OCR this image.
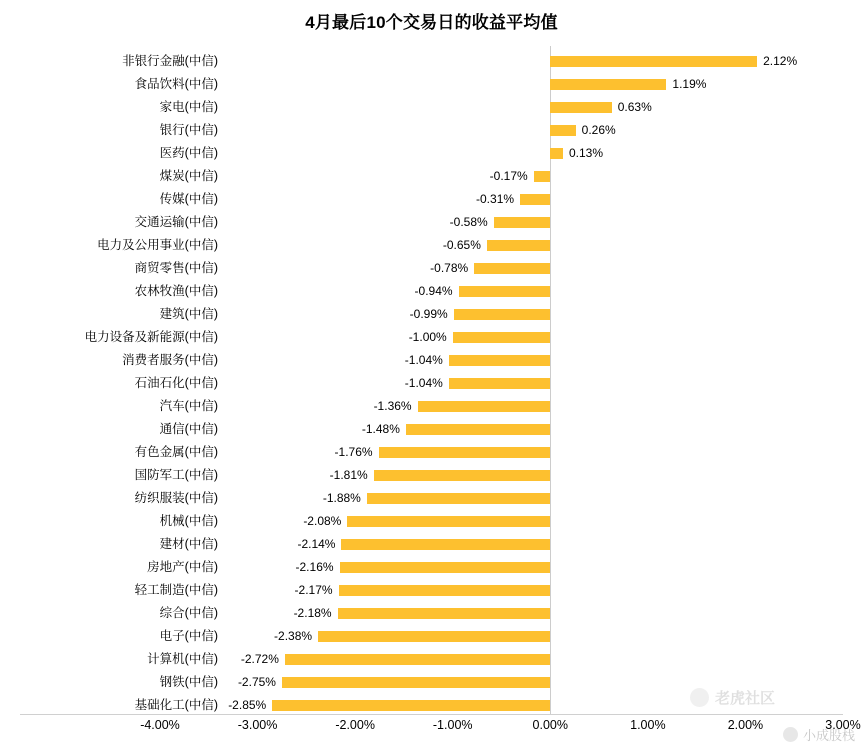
4月最后10个交易日的收益平均值
非银行金融(中信)	2.12%
食品饮料(中信)	1.19%
家电(中信)	0.63%
银行(中信)	0.26%
医药(中信)	0.13%
煤炭(中信)	-0.17%
传媒(中信)	-0.31%
交通运输(中信)	-0.58%
电力及公用事业(中信)	-0.65%
商贸零售(中信)	-0.78%
农林牧渔(中信)	-0.94%
建筑(中信)	-0.99%
电力设备及新能源(中信)	-1.00%
消费者服务(中信)	-1.04%
石油石化(中信)	-1.04%
汽车(中信)	-1.36%
通信(中信)	-1.48%
有色金属(中信)	-1.76%
国防军工(中信)	-1.81%
纺织服装(中信)	-1.88%
机械(中信)	-2.08%
建材(中信)	-2.14%
房地产(中信)	-2.16%
轻工制造(中信)	-2.17%
综合(中信)	-2.18%
电子(中信)	-2.38%
计算机(中信) -2.72%
钢铁(中信) -2.75%
基础化工(中信) -2.85%	老虎社区
小成股栈
-4.00%	-3.00%	-2.00%	-1.00%	0.00%	1.00%	2.00%	3.00%
